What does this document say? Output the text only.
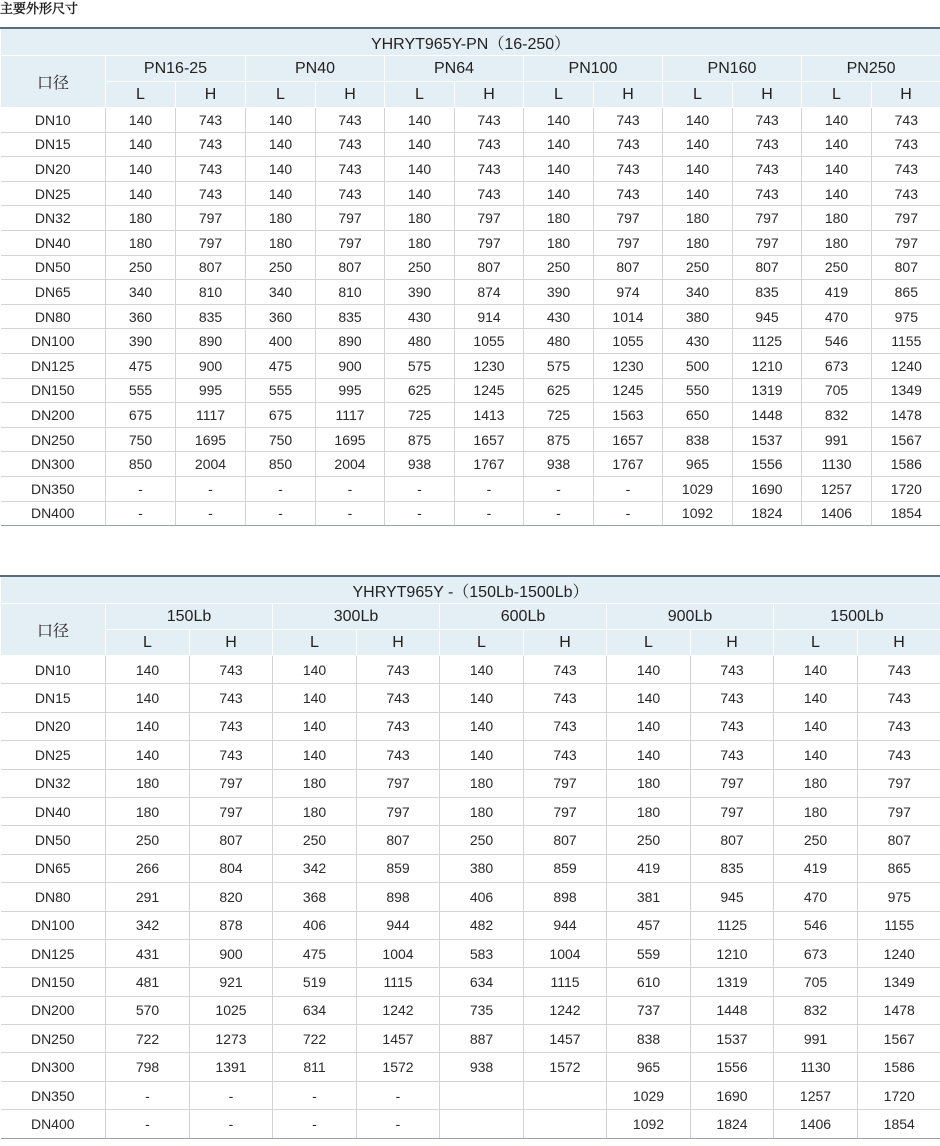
主要外形尺寸
YHRYT965Y-PN（16-250）												
口径	PN16-25		PN40		PN64		PN100		PN160		PN250	
	L	H	L	H	L	H	L	H	L	H	L	H
DN10	140	743	140	743	140	743	140	743	140	743	140	743
DN15	140	743	140	743	140	743	140	743	140	743	140	743
DN20	140	743	140	743	140	743	140	743	140	743	140	743
DN25	140	743	140	743	140	743	140	743	140	743	140	743
DN32	180	797	180	797	180	797	180	797	180	797	180	797
DN40	180	797	180	797	180	797	180	797	180	797	180	797
DN50	250	807	250	807	250	807	250	807	250	807	250	807
DN65	340	810	340	810	390	874	390	974	340	835	419	865
DN80	360	835	360	835	430	914	430	1014	380	945	470	975
DN100	390	890	400	890	480	1055	480	1055	430	1125	546	1155
DN125	475	900	475	900	575	1230	575	1230	500	1210	673	1240
DN150	555	995	555	995	625	1245	625	1245	550	1319	705	1349
DN200	675	1117	675	1117	725	1413	725	1563	650	1448	832	1478
DN250	750	1695	750	1695	875	1657	875	1657	838	1537	991	1567
DN300	850	2004	850	2004	938	1767	938	1767	965	1556	1130	1586
DN350	-	-	-	-	-	-	-	-	1029	1690	1257	1720
DN400	-	-	-	-	-	-	-	-	1092	1824	1406	1854
YHRYT965Y -（150Lb-1500Lb）										
口径	150Lb		300Lb		600Lb		900Lb		1500Lb	
	L	H	L	H	L	H	L	H	L	H
DN10	140	743	140	743	140	743	140	743	140	743
DN15	140	743	140	743	140	743	140	743	140	743
DN20	140	743	140	743	140	743	140	743	140	743
DN25	140	743	140	743	140	743	140	743	140	743
DN32	180	797	180	797	180	797	180	797	180	797
DN40	180	797	180	797	180	797	180	797	180	797
DN50	250	807	250	807	250	807	250	807	250	807
DN65	266	804	342	859	380	859	419	835	419	865
DN80	291	820	368	898	406	898	381	945	470	975
DN100	342	878	406	944	482	944	457	1125	546	1155
DN125	431	900	475	1004	583	1004	559	1210	673	1240
DN150	481	921	519	1115	634	1115	610	1319	705	1349
DN200	570	1025	634	1242	735	1242	737	1448	832	1478
DN250	722	1273	722	1457	887	1457	838	1537	991	1567
DN300	798	1391	811	1572	938	1572	965	1556	1130	1586
DN350	-	-	-	-			1029	1690	1257	1720
DN400	-	-	-	-			1092	1824	1406	1854
